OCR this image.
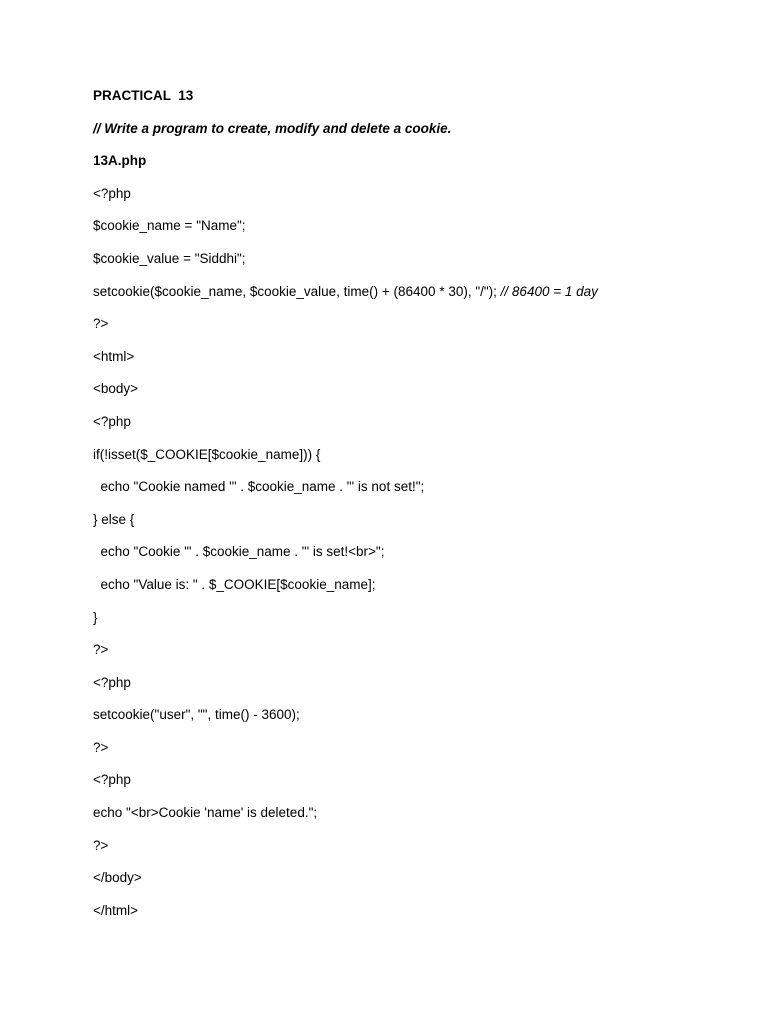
PRACTICAL  13
// Write a program to create, modify and delete a cookie.
13A.php
<?php
$cookie_name = "Name";
$cookie_value = "Siddhi";
setcookie($cookie_name, $cookie_value, time() + (86400 * 30), "/"); // 86400 = 1 day
?>
<html>
<body>
<?php
if(!isset($_COOKIE[$cookie_name])) {
echo "Cookie named '" . $cookie_name . "' is not set!";
} else {
echo "Cookie '" . $cookie_name . "' is set!<br>";
echo "Value is: " . $_COOKIE[$cookie_name];
}
?>
<?php
setcookie("user", "", time() - 3600);
?>
<?php
echo "<br>Cookie 'name' is deleted.";
?>
</body>
</html>
